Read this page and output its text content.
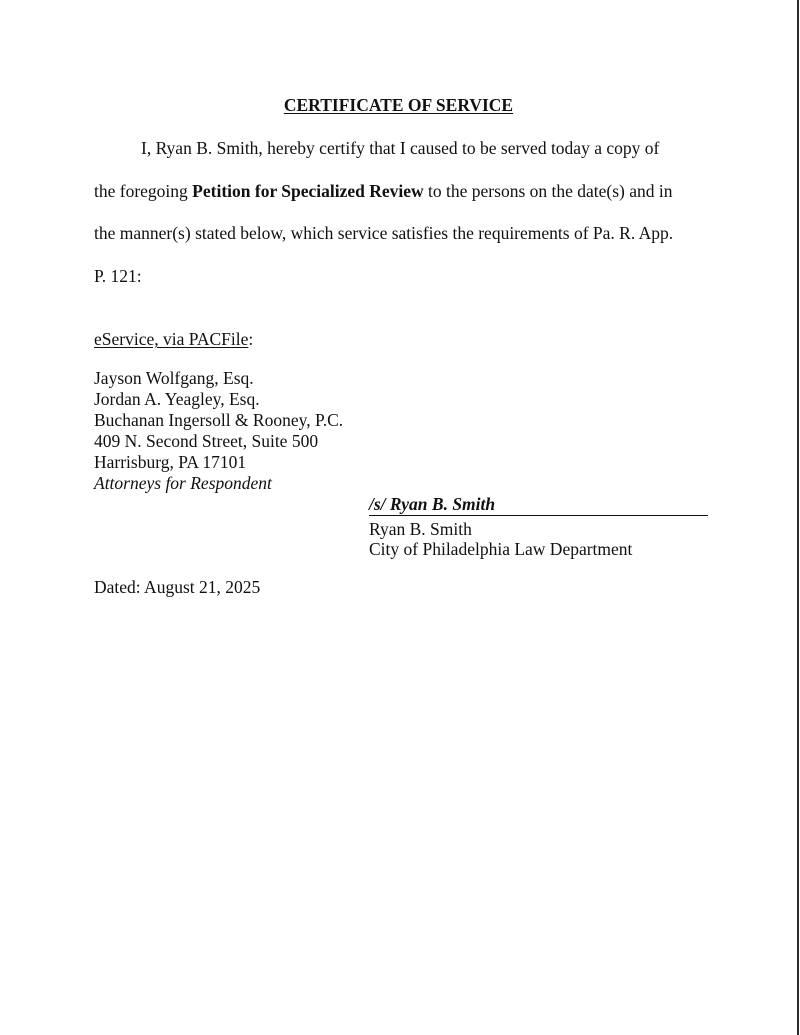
CERTIFICATE OF SERVICE
I, Ryan B. Smith, hereby certify that I caused to be served today a copy of
the foregoing Petition for Specialized Review to the persons on the date(s) and in
the manner(s) stated below, which service satisfies the requirements of Pa. R. App.
P. 121:
eService, via PACFile:
Jayson Wolfgang, Esq.
Jordan A. Yeagley, Esq.
Buchanan Ingersoll & Rooney, P.C.
409 N. Second Street, Suite 500
Harrisburg, PA 17101
Attorneys for Respondent
/s/ Ryan B. Smith
Ryan B. Smith
City of Philadelphia Law Department
Dated: August 21, 2025
